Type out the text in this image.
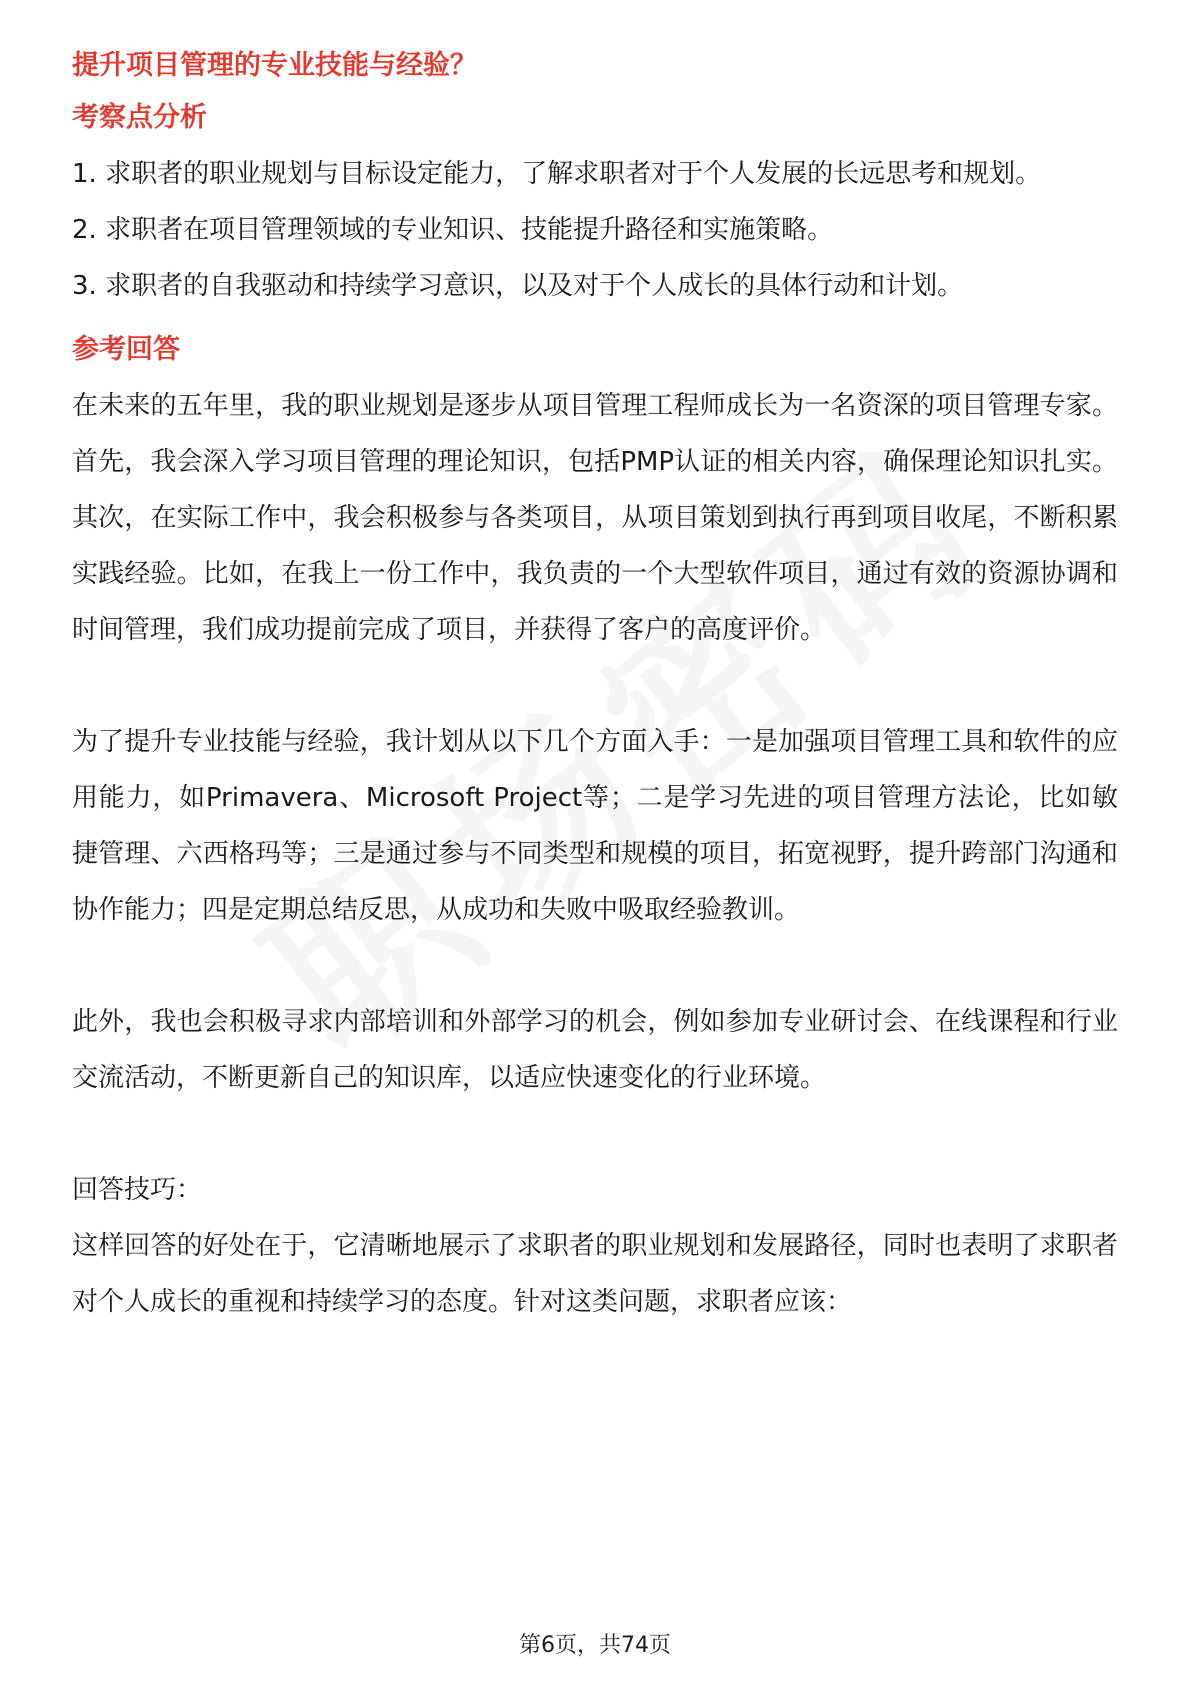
提升项目管理的专业技能与经验？

考察点分析

1. 求职者的职业规划与目标设定能力，了解求职者对于个人发展的长远思考和规划。

2. 求职者在项目管理领域的专业知识、技能提升路径和实施策略。

3. 求职者的自我驱动和持续学习意识，以及对于个人成长的具体行动和计划。

参考回答

在未来的五年里，我的职业规划是逐步从项目管理工程师成长为一名资深的项目管理专家。首先，我会深入学习项目管理的理论知识，包括PMP认证的相关内容，确保理论知识扎实。其次，在实际工作中，我会积极参与各类项目，从项目策划到执行再到项目收尾，不断积累实践经验。比如，在我上一份工作中，我负责的一个大型软件项目，通过有效的资源协调和时间管理，我们成功提前完成了项目，并获得了客户的高度评价。

为了提升专业技能与经验，我计划从以下几个方面入手：一是加强项目管理工具和软件的应用能力，如Primavera、Microsoft Project等；二是学习先进的项目管理方法论，比如敏捷管理、六西格玛等；三是通过参与不同类型和规模的项目，拓宽视野，提升跨部门沟通和协作能力；四是定期总结反思，从成功和失败中吸取经验教训。

此外，我也会积极寻求内部培训和外部学习的机会，例如参加专业研讨会、在线课程和行业交流活动，不断更新自己的知识库，以适应快速变化的行业环境。

回答技巧：

这样回答的好处在于，它清晰地展示了求职者的职业规划和发展路径，同时也表明了求职者对个人成长的重视和持续学习的态度。针对这类问题，求职者应该：

第6页，共74页
